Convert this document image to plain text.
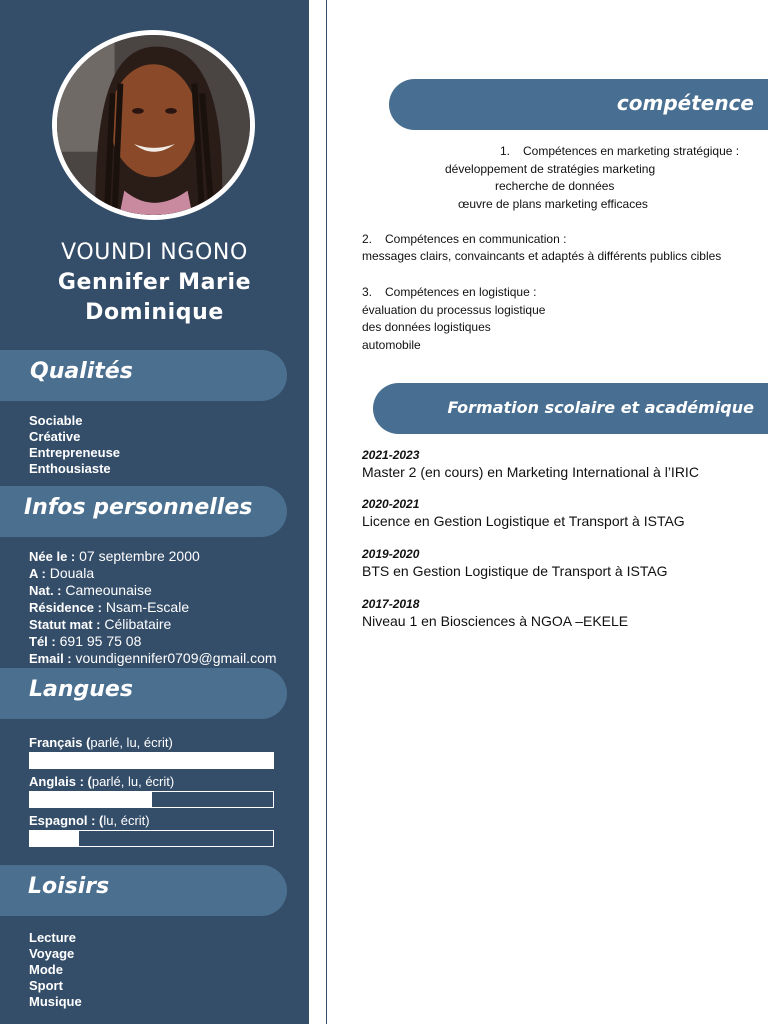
VOUNDI NGONO
Gennifer Marie
Dominique
Qualités
Sociable
Créative
Entrepreneuse
Enthousiaste
Infos personnelles
Née le : 07 septembre 2000
A : Douala
Nat. : Cameounaise
Résidence : Nsam-Escale
Statut mat : Célibataire
Tél : 691 95 75 08
Email : voundigennifer0709@gmail.com
Langues
Français (parlé, lu, écrit)
Anglais : (parlé, lu, écrit)
Espagnol : (lu, écrit)
Loisirs
Lecture
Voyage
Mode
Sport
Musique
compétence
1. Compétences en marketing stratégique :
développement de stratégies marketing
recherche de données
œuvre de plans marketing efficaces
2. Compétences en communication :
messages clairs, convaincants et adaptés à différents publics cibles
3. Compétences en logistique :
évaluation du processus logistique
des données logistiques
automobile
Formation scolaire et académique
2021-2023
Master 2 (en cours) en Marketing International à l’IRIC
2020-2021
Licence en Gestion Logistique et Transport à ISTAG
2019-2020
BTS en Gestion Logistique de Transport à ISTAG
2017-2018
Niveau 1 en Biosciences à NGOA –EKELE
